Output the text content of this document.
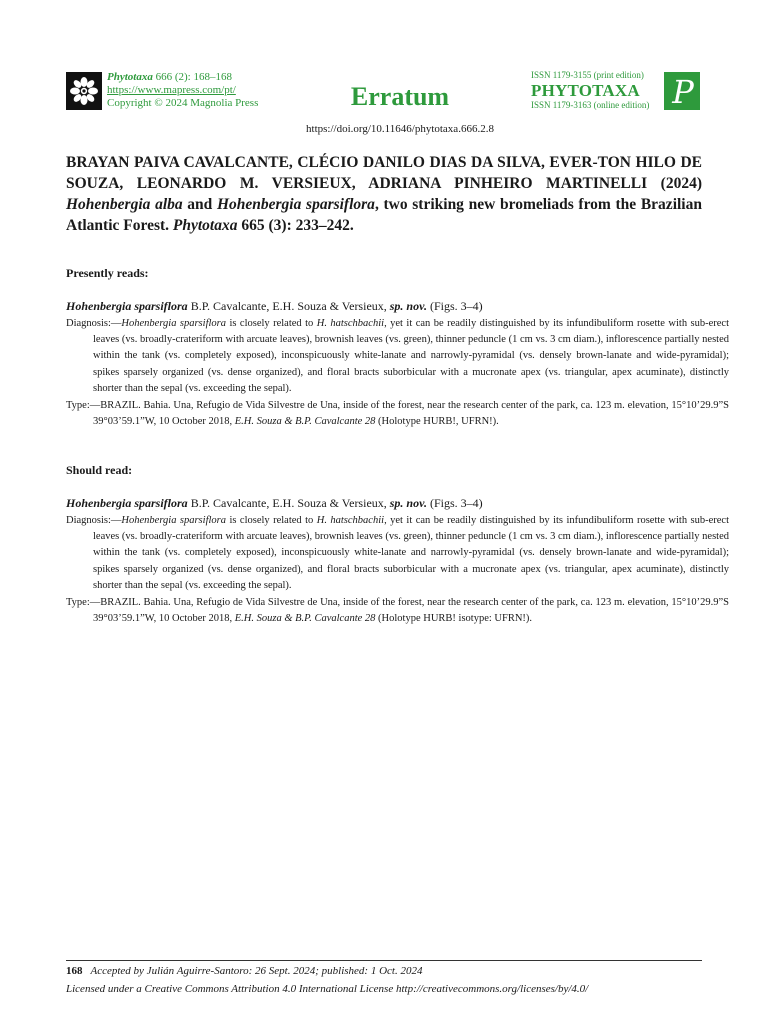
Phytotaxa 666 (2): 168–168
https://www.mapress.com/pt/
Copyright © 2024 Magnolia Press	Erratum
ISSN 1179-3155 (print edition)
PHYTOTAXA
ISSN 1179-3163 (online edition) P
https://doi.org/10.11646/phytotaxa.666.2.8
BRAYAN PAIVA CAVALCANTE, CLÉCIO DANILO DIAS DA SILVA, EVER-TON HILO DE SOUZA, LEONARDO M. VERSIEUX, ADRIANA PINHEIRO MARTINELLI (2024) Hohenbergia alba and Hohenbergia sparsiflora, two striking new bromeliads from the Brazilian Atlantic Forest. Phytotaxa 665 (3): 233–242.
Presently reads:
Hohenbergia sparsiflora B.P. Cavalcante, E.H. Souza & Versieux, sp. nov. (Figs. 3–4)
Diagnosis:—Hohenbergia sparsiflora is closely related to H. hatschbachii, yet it can be readily distinguished by its infundibuliform rosette with sub-erect leaves (vs. broadly-crateriform with arcuate leaves), brownish leaves (vs. green), thinner peduncle (1 cm vs. 3 cm diam.), inflorescence partially nested within the tank (vs. completely exposed), inconspicuously white-lanate and narrowly-pyramidal (vs. densely brown-lanate and wide-pyramidal); spikes sparsely organized (vs. dense organized), and floral bracts suborbicular with a mucronate apex (vs. triangular, apex acuminate), distinctly shorter than the sepal (vs. exceeding the sepal).
Type:—BRAZIL. Bahia. Una, Refugio de Vida Silvestre de Una, inside of the forest, near the research center of the park, ca. 123 m. elevation, 15°10’29.9”S 39°03’59.1”W, 10 October 2018, E.H. Souza & B.P. Cavalcante 28 (Holotype HURB!, UFRN!).
Should read:
Hohenbergia sparsiflora B.P. Cavalcante, E.H. Souza & Versieux, sp. nov. (Figs. 3–4)
Diagnosis:—Hohenbergia sparsiflora is closely related to H. hatschbachii, yet it can be readily distinguished by its infundibuliform rosette with sub-erect leaves (vs. broadly-crateriform with arcuate leaves), brownish leaves (vs. green), thinner peduncle (1 cm vs. 3 cm diam.), inflorescence partially nested within the tank (vs. completely exposed), inconspicuously white-lanate and narrowly-pyramidal (vs. densely brown-lanate and wide-pyramidal); spikes sparsely organized (vs. dense organized), and floral bracts suborbicular with a mucronate apex (vs. triangular, apex acuminate), distinctly shorter than the sepal (vs. exceeding the sepal).
Type:—BRAZIL. Bahia. Una, Refugio de Vida Silvestre de Una, inside of the forest, near the research center of the park, ca. 123 m. elevation, 15°10’29.9”S 39°03’59.1”W, 10 October 2018, E.H. Souza & B.P. Cavalcante 28 (Holotype HURB! isotype: UFRN!).
168 Accepted by Julián Aguirre-Santoro: 26 Sept. 2024; published: 1 Oct. 2024
Licensed under a Creative Commons Attribution 4.0 International License http://creativecommons.org/licenses/by/4.0/
